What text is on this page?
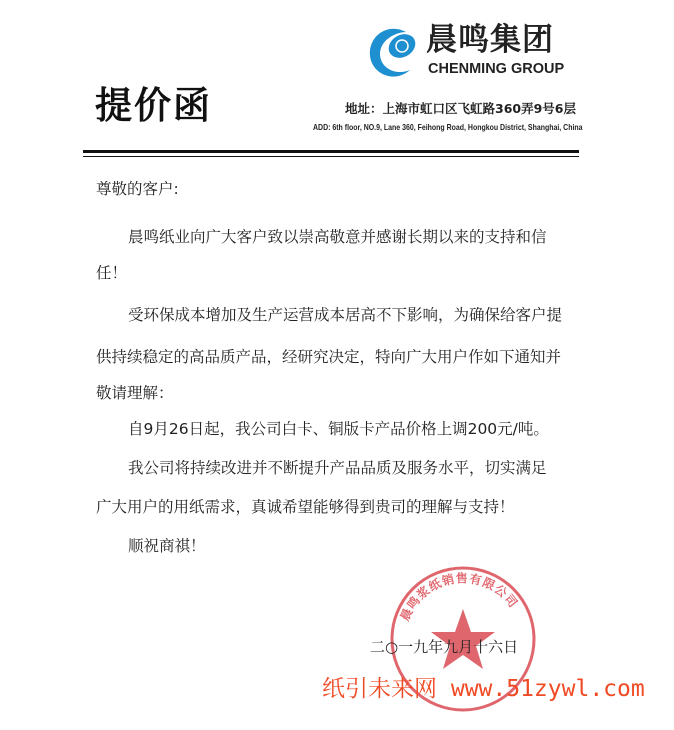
晨鸣集团
CHENMING GROUP
提价函	地址：上海市虹口区飞虹路360弄9号6层
ADD: 6th floor, NO.9, Lane 360, Feihong Road, Hongkou District, Shanghai, China
尊敬的客户:
晨鸣纸业向广大客户致以崇高敬意并感谢长期以来的支持和信
任！
受环保成本增加及生产运营成本居高不下影响，为确保给客户提
供持续稳定的高品质产品，经研究决定，特向广大用户作如下通知并
敬请理解：
自9月26日起，我公司白卡、铜版卡产品价格上调200元/吨。
我公司将持续改进并不断提升产品品质及服务水平，切实满足
广大用户的用纸需求，真诚希望能够得到贵司的理解与支持！
顺祝商祺！
晨鸣浆纸销售有限公司
二○一九年九月十六日
纸引未来网 www.51zywl.com
